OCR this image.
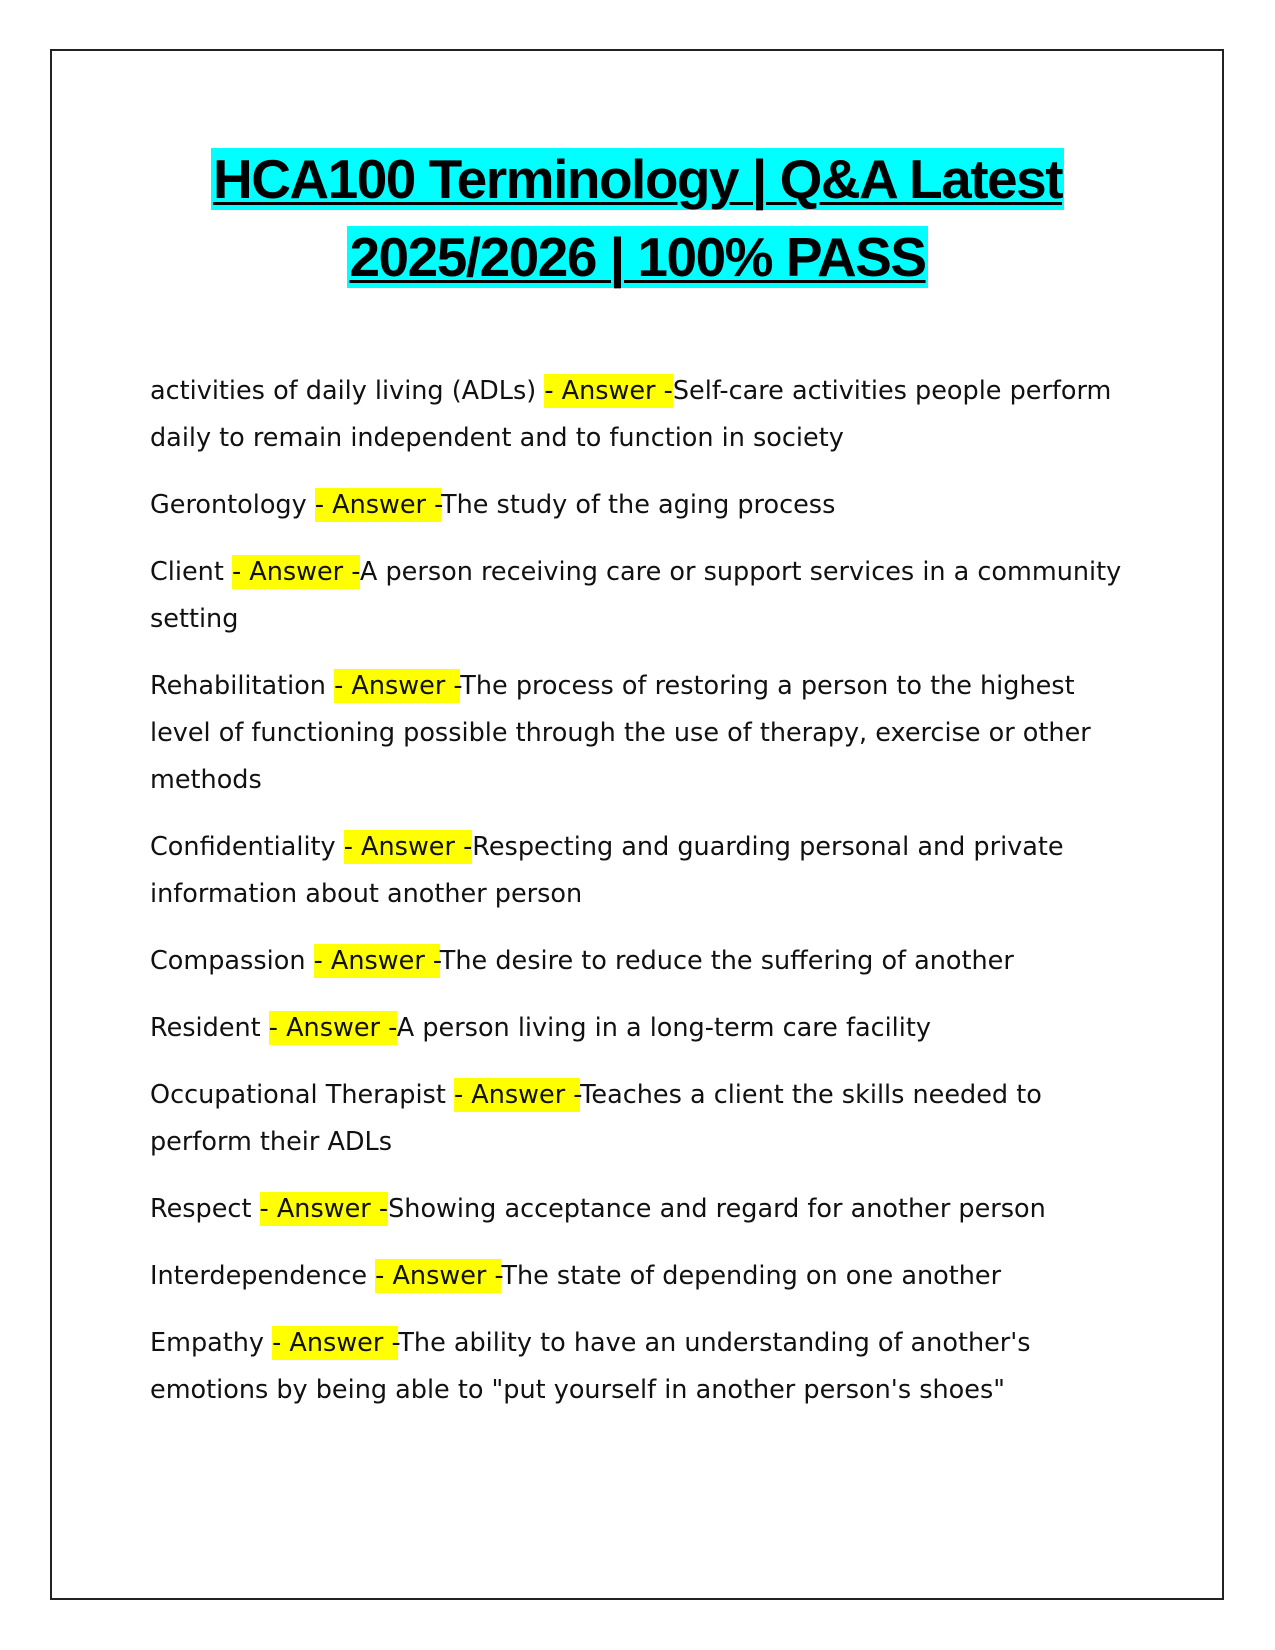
HCA100 Terminology | Q&A Latest
2025/2026 | 100% PASS

activities of daily living (ADLs) - Answer -Self-care activities people perform daily to remain independent and to function in society

Gerontology - Answer -The study of the aging process

Client - Answer -A person receiving care or support services in a community setting

Rehabilitation - Answer -The process of restoring a person to the highest level of functioning possible through the use of therapy, exercise or other methods

Confidentiality - Answer -Respecting and guarding personal and private information about another person

Compassion - Answer -The desire to reduce the suffering of another

Resident - Answer -A person living in a long-term care facility

Occupational Therapist - Answer -Teaches a client the skills needed to perform their ADLs

Respect - Answer -Showing acceptance and regard for another person

Interdependence - Answer -The state of depending on one another

Empathy - Answer -The ability to have an understanding of another's emotions by being able to "put yourself in another person's shoes"
